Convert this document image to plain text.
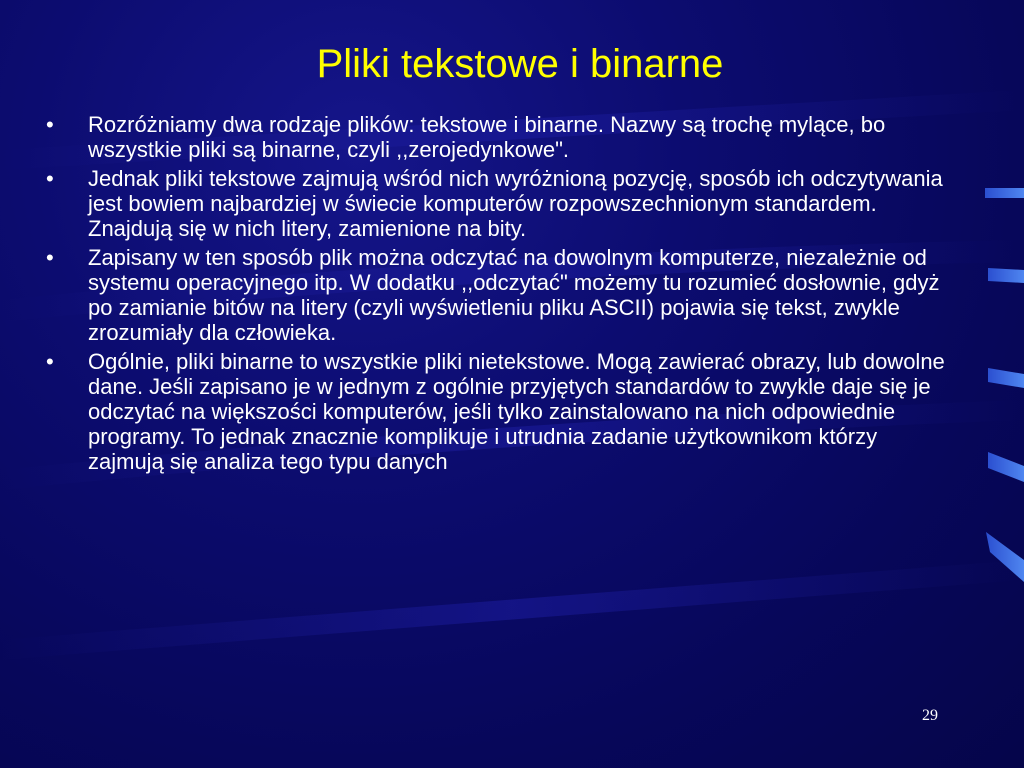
Pliki tekstowe i binarne
•	Rozróżniamy dwa rodzaje plików: tekstowe i binarne. Nazwy są trochę mylące, bo wszystkie pliki są binarne, czyli ,,zerojedynkowe".
•	Jednak pliki tekstowe zajmują wśród nich wyróżnioną pozycję, sposób ich odczytywania jest bowiem najbardziej w świecie komputerów rozpowszechnionym standardem. Znajdują się w nich litery, zamienione na bity.
•	Zapisany w ten sposób plik można odczytać na dowolnym komputerze, niezależnie od systemu operacyjnego itp. W dodatku ,,odczytać" możemy tu rozumieć dosłownie, gdyż po zamianie bitów na litery (czyli wyświetleniu pliku ASCII) pojawia się tekst, zwykle zrozumiały dla człowieka.
•	Ogólnie, pliki binarne to wszystkie pliki nietekstowe. Mogą zawierać obrazy, lub dowolne dane. Jeśli zapisano je w jednym z ogólnie przyjętych standardów to zwykle daje się je odczytać na większości komputerów, jeśli tylko zainstalowano na nich odpowiednie programy. To jednak znacznie komplikuje i utrudnia zadanie użytkownikom którzy zajmują się analiza tego typu danych
29
